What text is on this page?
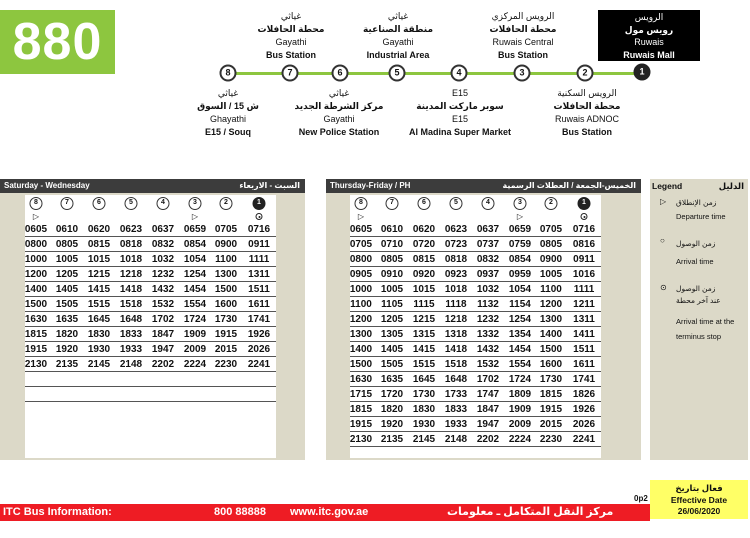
880	غياثي
محطة الحافلات
Gayathi
Bus Station
غياثي
منطقة الصناعية
Gayathi
Industrial Area
الرويس المركزي
محطة الحافلات
Ruwais Central
Bus Station
الرويس
رويس مول
Ruwais
Ruwais Mall
8	7	6	5	4	3	2	1
غياثي
ش 15 / السوق
Ghayathi
E15 / Souq
غياثي
مركز الشرطة الجديد
Gayathi
New Police Station
E15
سوبر ماركت المدينة
E15
Al Madina Super Market
الرويس السكنية
محطة الحافلات
Ruwais ADNOC
Bus Station
Saturday - Wednesday	السبت - الاربعاء
8	7	6	5	4	3	2	1
▷	▷
0605 0610 0620 0623 0637 0659 0705 0716
0800 0805 0815 0818 0832 0854 0900 0911
1000 1005 1015 1018 1032 1054 1100 1111
1200 1205 1215 1218 1232 1254 1300 1311
1400 1405 1415 1418 1432 1454 1500 1511
1500 1505 1515 1518 1532 1554 1600 1611
1630 1635 1645 1648 1702 1724 1730 1741
1815 1820 1830 1833 1847 1909 1915 1926
1915 1920 1930 1933 1947 2009 2015 2026
2130 2135 2145 2148 2202 2224 2230 2241
Thursday-Friday / PH	الخميس-الجمعة / العطلات الرسمية
8	7	6	5	4	3	2	1
▷	▷
0605 0610 0620 0623 0637 0659 0705 0716
0705 0710 0720 0723 0737 0759 0805 0816
0800 0805 0815 0818 0832 0854 0900 0911
0905 0910 0920 0923 0937 0959 1005 1016
1000 1005 1015 1018 1032 1054 1100 1111
1100 1105 1115 1118 1132 1154 1200 1211
1200 1205 1215 1218 1232 1254 1300 1311
1300 1305 1315 1318 1332 1354 1400 1411
1400 1405 1415 1418 1432 1454 1500 1511
1500 1505 1515 1518 1532 1554 1600 1611
1630 1635 1645 1648 1702 1724 1730 1741
1715 1720 1730 1733 1747 1809 1815 1826
1815 1820 1830 1833 1847 1909 1915 1926
1915 1920 1930 1933 1947 2009 2015 2026
2130 2135 2145 2148 2202 2224 2230 2241
Legend	الدليل
▷ زمن الإنطلاق
Departure time
○ زمن الوصول
Arrival time
⊙ زمن الوصول
عند آخر محطة
Arrival time at the
terminus stop
فعال بتاريخ
Effective Date
26/06/2020
0p2
ITC Bus Information:	800 88888 www.itc.gov.ae	مركز النقل المتكامل ـ معلومات الحافلات:
